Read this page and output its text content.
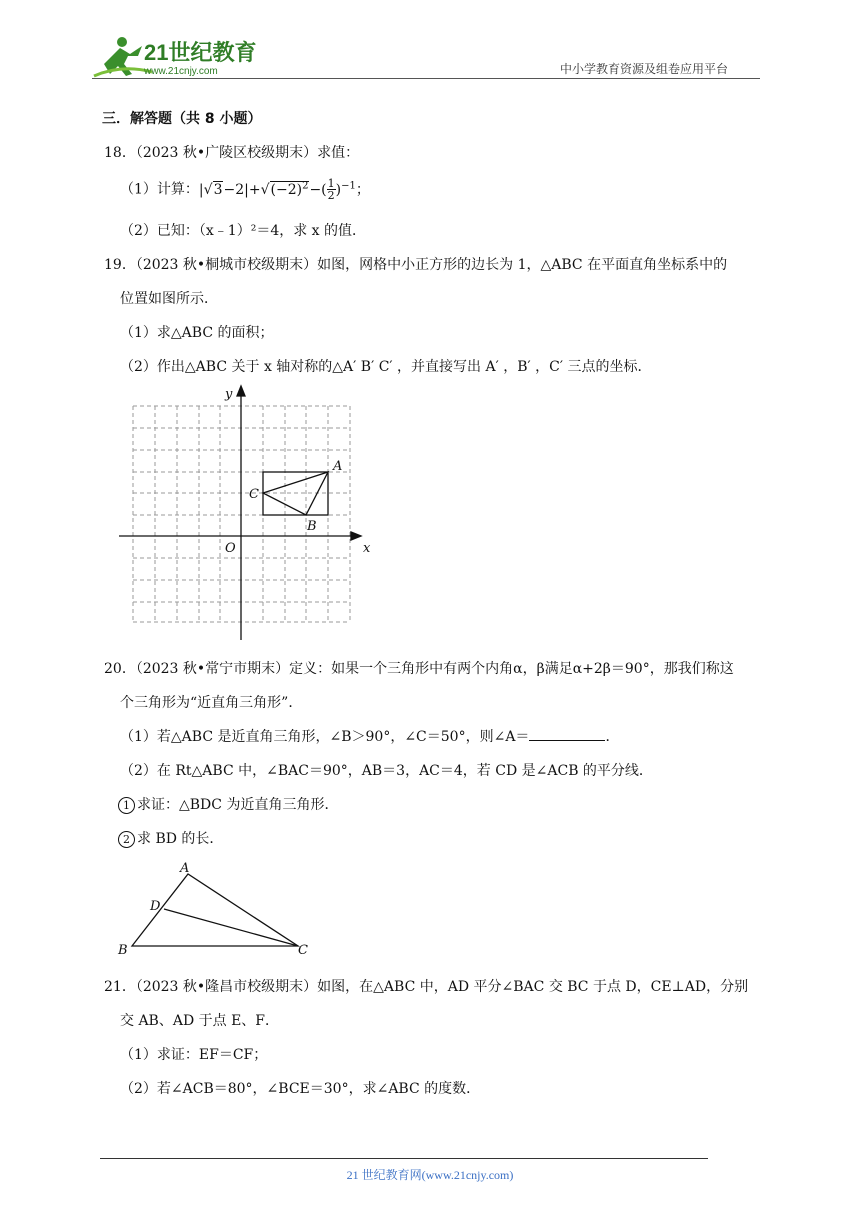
21世纪教育
www.21cnjy.com	中小学教育资源及组卷应用平台
三．解答题（共 8 小题）
18．（2023 秋•广陵区校级期末）求值：
（1）计算：$|√3-2|+√(-2)^2-( \frac{1}{2} )^{-1}$；
（2）已知：（x﹣1）²＝4，求 x 的值．
19．（2023 秋•桐城市校级期末）如图，网格中小正方形的边长为 1，△ABC 在平面直角坐标系中的
位置如图所示．
（1）求△ABC 的面积；
（2）作出△ABC 关于 x 轴对称的△A′ B′ C′ ，并直接写出 A′ ，B′ ，C′ 三点的坐标．
x
y
O
A
B
C
20．（2023 秋•常宁市期末）定义：如果一个三角形中有两个内角α，β满足α+2β＝90°，那我们称这
个三角形为“近直角三角形”．
（1）若△ABC 是近直角三角形，∠B＞90°，∠C＝50°，则∠A＝	．
（2）在 Rt△ABC 中，∠BAC＝90°，AB＝3，AC＝4，若 CD 是∠ACB 的平分线．
1 求证：△BDC 为近直角三角形．
2 求 BD 的长．
A
B	C
D
21．（2023 秋•隆昌市校级期末）如图，在△ABC 中，AD 平分∠BAC 交 BC 于点 D，CE⊥AD，分别
交 AB、AD 于点 E、F．
（1）求证：EF＝CF；
（2）若∠ACB＝80°，∠BCE＝30°，求∠ABC 的度数．
21 世纪教育网(www.21cnjy.com)
